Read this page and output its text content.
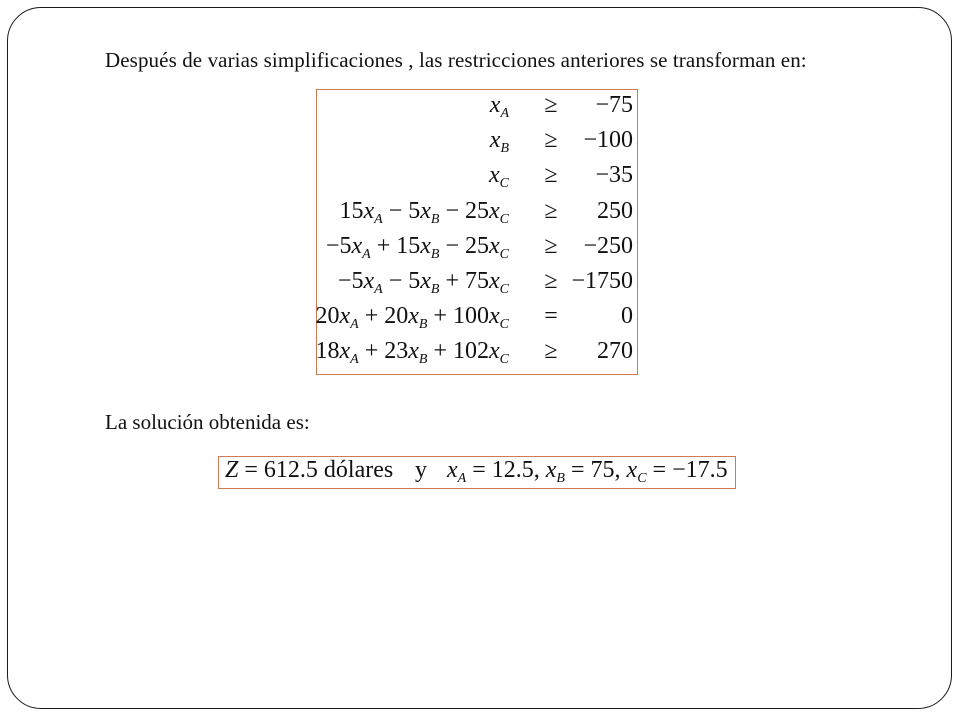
Después de varias simplificaciones , las restricciones anteriores se transforman en:
$x_A \ge -75$
$x_B \ge -100$
$x_C \ge -35$
$15x_A - 5x_B - 25x_C \ge 250$
$-5x_A + 15x_B - 25x_C \ge -250$
$-5x_A - 5x_B + 75x_C \ge -1750$
$20x_A + 20x_B + 100x_C$ =	0
$18x_A + 23x_B + 102x_C \ge 270$
La solución obtenida es:
Z = 612.5 dólares y $x_A = 12.5$, $x_B = 75$, $x_C = -17.5$
